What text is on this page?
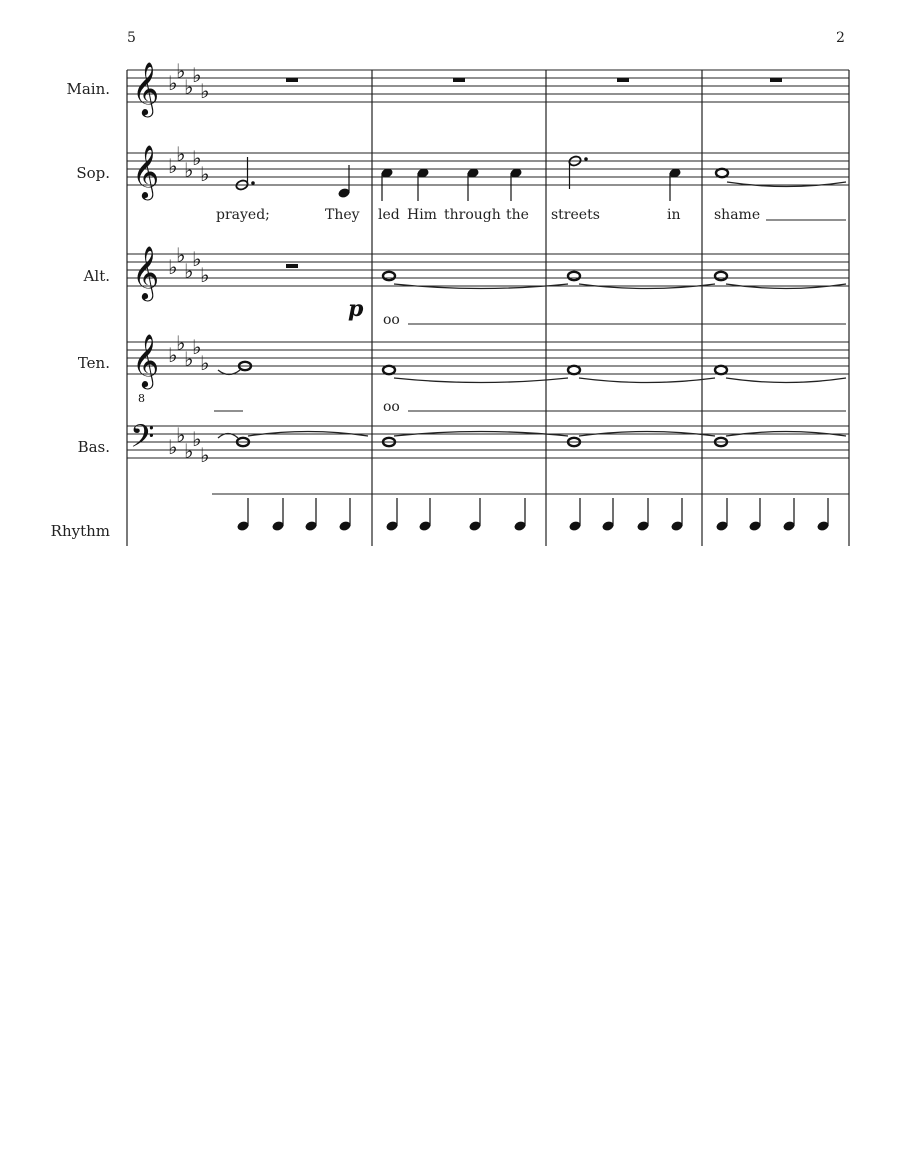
5	2
Main.
Sop.
Alt.
Ten.
Bas.
Rhythm
prayed;	They led Him through the streets	in shame
oo
oo
p
𝄞
𝄞
𝄞
𝄞
𝄢
8
♭
♭
♭
♭
♭
♭
♭
♭
♭
♭
♭
♭
♭
♭
♭
♭
♭
♭
♭
♭
♭
♭
♭
♭
♭
